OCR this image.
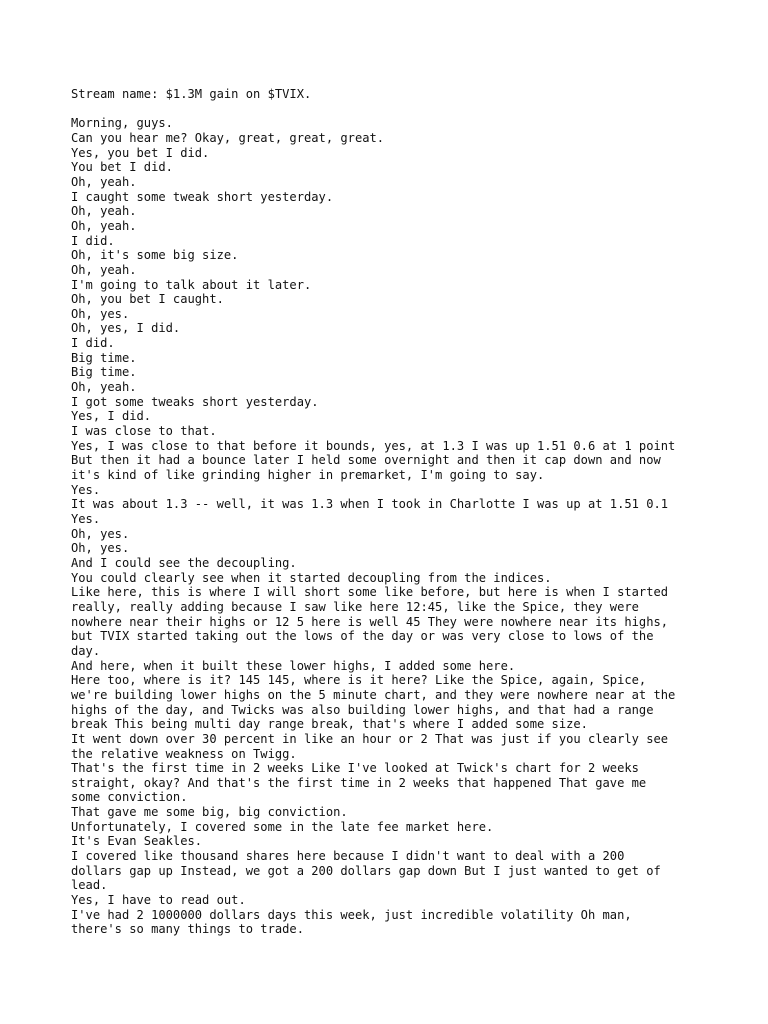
Stream name: $1.3M gain on $TVIX.
Morning, guys.
Can you hear me? Okay, great, great, great.
Yes, you bet I did.
You bet I did.
Oh, yeah.
I caught some tweak short yesterday.
Oh, yeah.
Oh, yeah.
I did.
Oh, it's some big size.
Oh, yeah.
I'm going to talk about it later.
Oh, you bet I caught.
Oh, yes.
Oh, yes, I did.
I did.
Big time.
Big time.
Oh, yeah.
I got some tweaks short yesterday.
Yes, I did.
I was close to that.
Yes, I was close to that before it bounds, yes, at 1.3 I was up 1.51 0.6 at 1 point
But then it had a bounce later I held some overnight and then it cap down and now
it's kind of like grinding higher in premarket, I'm going to say.
Yes.
It was about 1.3 -- well, it was 1.3 when I took in Charlotte I was up at 1.51 0.1
Yes.
Oh, yes.
Oh, yes.
And I could see the decoupling.
You could clearly see when it started decoupling from the indices.
Like here, this is where I will short some like before, but here is when I started
really, really adding because I saw like here 12:45, like the Spice, they were
nowhere near their highs or 12 5 here is well 45 They were nowhere near its highs,
but TVIX started taking out the lows of the day or was very close to lows of the
day.
And here, when it built these lower highs, I added some here.
Here too, where is it? 145 145, where is it here? Like the Spice, again, Spice,
we're building lower highs on the 5 minute chart, and they were nowhere near at the
highs of the day, and Twicks was also building lower highs, and that had a range
break This being multi day range break, that's where I added some size.
It went down over 30 percent in like an hour or 2 That was just if you clearly see
the relative weakness on Twigg.
That's the first time in 2 weeks Like I've looked at Twick's chart for 2 weeks
straight, okay? And that's the first time in 2 weeks that happened That gave me
some conviction.
That gave me some big, big conviction.
Unfortunately, I covered some in the late fee market here.
It's Evan Seakles.
I covered like thousand shares here because I didn't want to deal with a 200
dollars gap up Instead, we got a 200 dollars gap down But I just wanted to get of
lead.
Yes, I have to read out.
I've had 2 1000000 dollars days this week, just incredible volatility Oh man,
there's so many things to trade.
